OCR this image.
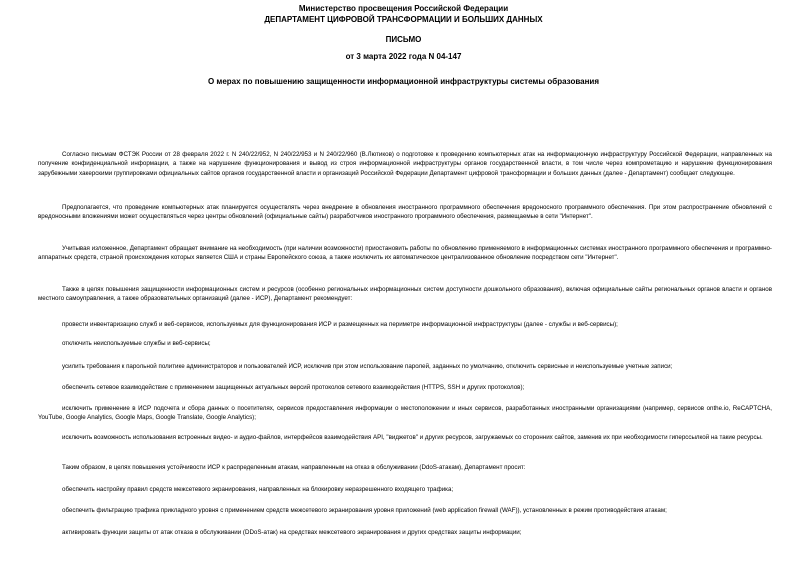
Министерство просвещения Российской Федерации
ДЕПАРТАМЕНТ ЦИФРОВОЙ ТРАНСФОРМАЦИИ И БОЛЬШИХ ДАННЫХ
ПИСЬМО
от 3 марта 2022 года N 04-147
О мерах по повышению защищенности информационной инфраструктуры системы образования
Согласно письмам ФСТЭК России от 28 февраля 2022 г. N 240/22/952, N 240/22/953 и N 240/22/960 (В.Лютиков) о подготовке к проведению компьютерных атак на информационную инфраструктуру Российской Федерации, направленных на получение конфиденциальной информации, а также на нарушение функционирования и вывод из строя информационной инфраструктуры органов государственной власти, в том числе через компрометацию и нарушение функционирования зарубежными хакерскими группировками официальных сайтов органов государственной власти и организаций Российской Федерации Департамент цифровой трансформации и больших данных (далее - Департамент) сообщает следующее.
Предполагается, что проведение компьютерных атак планируется осуществлять через внедрение в обновления иностранного программного обеспечения вредоносного программного обеспечения. При этом распространение обновлений с вредоносными вложениями может осуществляться через центры обновлений (официальные сайты) разработчиков иностранного программного обеспечения, размещаемые в сети "Интернет".
Учитывая изложенное, Департамент обращает внимание на необходимость (при наличии возможности) приостановить работы по обновлению применяемого в информационных системах иностранного программного обеспечения и программно-аппаратных средств, страной происхождения которых является США и страны Европейского союза, а также исключить их автоматическое централизованное обновление посредством сети "Интернет".
Также в целях повышения защищенности информационных систем и ресурсов (особенно региональных информационных систем доступности дошкольного образования), включая официальные сайты региональных органов власти и органов местного самоуправления, а также образовательных организаций (далее - ИСР), Департамент рекомендует:
провести инвентаризацию служб и веб-сервисов, используемых для функционирования ИСР и размещенных на периметре информационной инфраструктуры (далее - службы и веб-сервисы);
отключить неиспользуемые службы и веб-сервисы;
усилить требования к парольной политике администраторов и пользователей ИСР, исключив при этом использование паролей, заданных по умолчанию, отключить сервисные и неиспользуемые учетные записи;
обеспечить сетевое взаимодействие с применением защищенных актуальных версий протоколов сетевого взаимодействия (HTTPS, SSH и других протоколов);
исключить применение в ИСР подсчета и сбора данных о посетителях, сервисов предоставления информации о местоположении и иных сервисов, разработанных иностранными организациями (например, сервисов onthe.io, ReCAPTCHA, YouTube, Google Analytics, Google Maps, Google Translate, Google Analytics);
исключить возможность использования встроенных видео- и аудио-файлов, интерфейсов взаимодействия API, "виджетов" и других ресурсов, загружаемых со сторонних сайтов, заменив их при необходимости гиперссылкой на такие ресурсы.
Таким образом, в целях повышения устойчивости ИСР к распределенным атакам, направленным на отказ в обслуживании (DdoS-атакам), Департамент просит:
обеспечить настройку правил средств межсетевого экранирования, направленных на блокировку неразрешенного входящего трафика;
обеспечить фильтрацию трафика прикладного уровня с применением средств межсетевого экранирования уровня приложений (web application firewall (WAF)), установленных в режим противодействия атакам;
активировать функции защиты от атак отказа в обслуживании (DDoS-атак) на средствах межсетевого экранирования и других средствах защиты информации;
